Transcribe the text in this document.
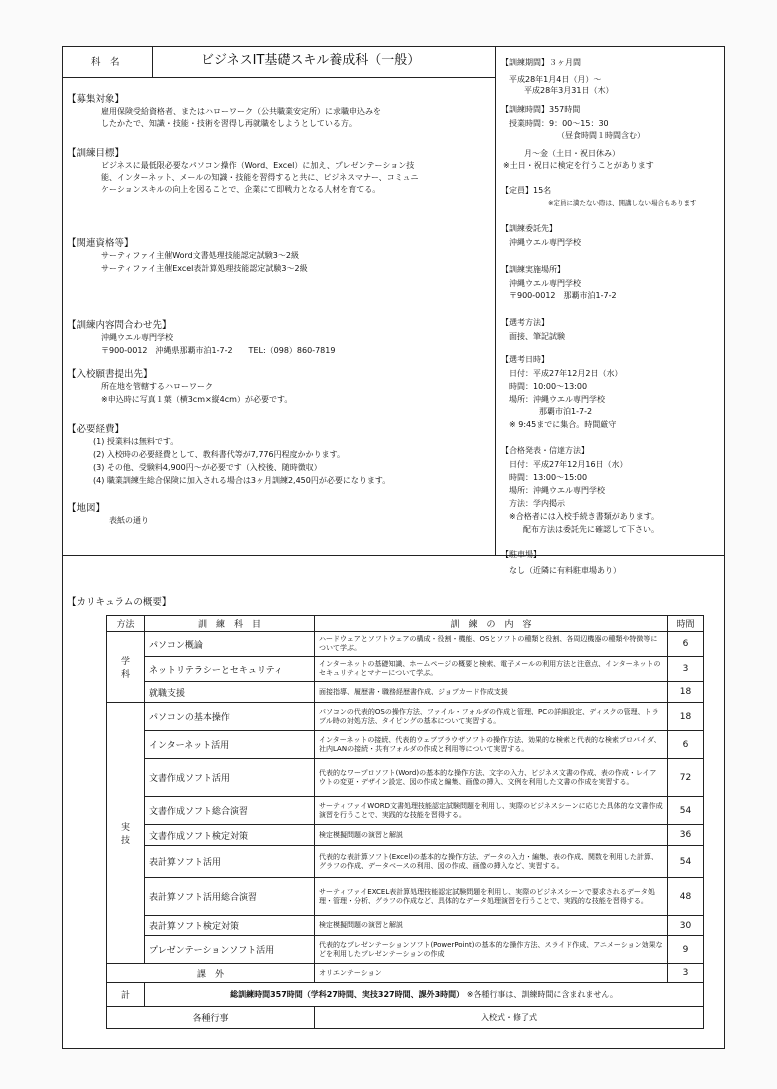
科　名	ビジネスIT基礎スキル養成科（一般）
【募集対象】
雇用保険受給資格者、またはハローワーク（公共職業安定所）に求職申込みを
したかたで、知識・技能・技術を習得し再就職をしようとしている方。
【訓練目標】
ビジネスに最低限必要なパソコン操作（Word、Excel）に加え、プレゼンテーション技
能、インターネット、メールの知識・技能を習得すると共に、ビジネスマナー、コミュニ
ケーションスキルの向上を図ることで、企業にて即戦力となる人材を育てる。
【関連資格等】
サーティファイ主催Word文書処理技能認定試験3～2級
サーティファイ主催Excel表計算処理技能認定試験3～2級
【訓練内容問合わせ先】
沖縄ウエル専門学校
〒900-0012　沖縄県那覇市泊1-7-2　　TEL:（098）860-7819
【入校願書提出先】
所在地を管轄するハローワーク
※申込時に写真１葉（横3cm×縦4cm）が必要です。
【必要経費】
(1) 授業料は無料です。
(2) 入校時の必要経費として、教科書代等が7,776円程度かかります。
(3) その他、受験料4,900円～が必要です（入校後、随時徴収）
(4) 職業訓練生総合保険に加入される場合は3ヶ月訓練2,450円が必要になります。
【地図】
表紙の通り
【訓練期間】３ヶ月間
平成28年1月4日（月）～
平成28年3月31日（木）
【訓練時間】357時間
授業時間：9：00～15：30
（昼食時間１時間含む）
月～金（土日・祝日休み）
※土日・祝日に検定を行うことがあります
【定員】15名
※定員に満たない際は、開講しない場合もあります
【訓練委託先】
沖縄ウエル専門学校
【訓練実施場所】
沖縄ウエル専門学校
〒900-0012　那覇市泊1-7-2
【選考方法】
面接、筆記試験
【選考日時】
日付：平成27年12月2日（水）
時間：10:00～13:00
場所：沖縄ウエル専門学校
那覇市泊1-7-2
※ 9:45までに集合。時間厳守
【合格発表・信達方法】
日付：平成27年12月16日（水）
時間：13:00～15:00
場所：沖縄ウエル専門学校
方法：学内掲示
※合格者には入校手続き書類があります。
配布方法は委託先に確認して下さい。
【駐車場】
なし（近隣に有料駐車場あり）
【カリキュラムの概要】
方法	訓　練　科　目	訓　練　の　内　容	時間
学
科	パソコン概論	ハードウェアとソフトウェアの構成・役割・機能、OSとソフトの種類と役割、各周辺機器の種類や特徴等について学ぶ。	6
	ネットリテラシーとセキュリティ	インターネットの基礎知識、ホームページの概要と検索、電子メールの利用方法と注意点、インターネットのセキュリティとマナーについて学ぶ。	3
	就職支援	面接指導、履歴書・職務経歴書作成、ジョブカード作成支援	18
実
技	パソコンの基本操作	パソコンの代表的OSの操作方法、ファイル・フォルダの作成と管理、PCの詳細設定、ディスクの管理、トラブル時の対処方法、タイピングの基本について実習する。	18
	インターネット活用	インターネットの接続、代表的ウェブブラウザソフトの操作方法、効果的な検索と代表的な検索プロバイダ、社内LANの接続・共有フォルダの作成と利用等について実習する。	6
	文書作成ソフト活用	代表的なワープロソフト(Word)の基本的な操作方法、文字の入力、ビジネス文書の作成、表の作成・レイアウトの変更・デザイン設定、図の作成と編集、画像の挿入、文例を利用した文書の作成を実習する。	72
	文書作成ソフト総合演習	サーティファイWORD文書処理技能認定試験問題を利用し、実際のビジネスシーンに応じた具体的な文書作成演習を行うことで、実践的な技能を習得する。	54
	文書作成ソフト検定対策	検定模擬問題の演習と解説	36
	表計算ソフト活用	代表的な表計算ソフト(Excel)の基本的な操作方法、データの入力・編集、表の作成、関数を利用した計算、グラフの作成、データベースの利用、図の作成、画像の挿入など、実習する。	54
	表計算ソフト活用総合演習	サーティファイEXCEL表計算処理技能認定試験問題を利用し、実際のビジネスシーンで要求されるデータ処理・管理・分析、グラフの作成など、具体的なデータ処理演習を行うことで、実践的な技能を習得する。	48
	表計算ソフト検定対策	検定模擬問題の演習と解説	30
	プレゼンテーションソフト活用	代表的なプレゼンテーションソフト(PowerPoint)の基本的な操作方法、スライド作成、アニメーション効果などを利用したプレゼンテーションの作成	9
課　外		オリエンテーション	3
計	総訓練時間357時間（学科27時間、実技327時間、課外3時間） ※各種行事は、訓練時間に含まれません。		
各種行事		入校式・修了式	
